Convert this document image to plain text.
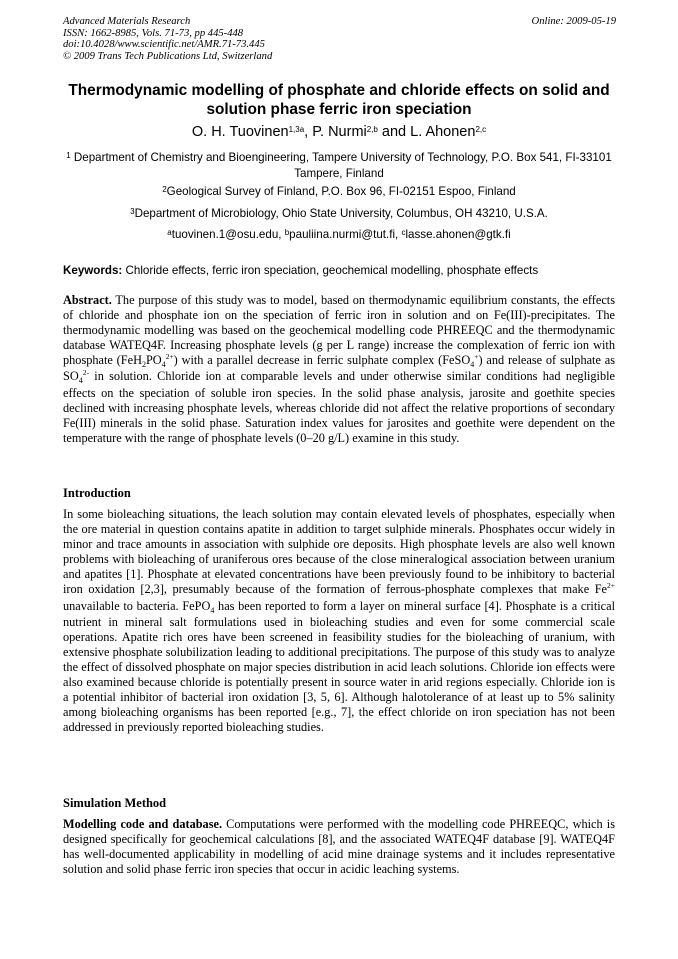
Advanced Materials Research
ISSN: 1662-8985, Vols. 71-73, pp 445-448
doi:10.4028/www.scientific.net/AMR.71-73.445
© 2009 Trans Tech Publications Ltd, Switzerland
Online: 2009-05-19
Thermodynamic modelling of phosphate and chloride effects on solid and solution phase ferric iron speciation
O. H. Tuovinen$^{1,3a}$, P. Nurmi$^{2,b}$ and L. Ahonen$^{2,c}$
$^1$ Department of Chemistry and Bioengineering, Tampere University of Technology, P.O. Box 541, FI-33101 Tampere, Finland
$^2$Geological Survey of Finland, P.O. Box 96, FI-02151 Espoo, Finland
$^3$Department of Microbiology, Ohio State University, Columbus, OH 43210, U.S.A.
$^a$tuovinen.1@osu.edu, $^b$pauliina.nurmi@tut.fi, $^c$lasse.ahonen@gtk.fi
Keywords: Chloride effects, ferric iron speciation, geochemical modelling, phosphate effects

Abstract. The purpose of this study was to model, based on thermodynamic equilibrium constants, the effects of chloride and phosphate ion on the speciation of ferric iron in solution and on Fe(III)-precipitates. The thermodynamic modelling was based on the geochemical modelling code PHREEQC and the thermodynamic database WATEQ4F. Increasing phosphate levels (g per L range) increase the complexation of ferric ion with phosphate $(FeH_2PO_4^{2+})$ with a parallel decrease in ferric sulphate complex (FeSO$_4$+) and release of sulphate as $SO_4^{2-}$ in solution. Chloride ion at comparable levels and under otherwise similar conditions had negligible effects on the speciation of soluble iron species. In the solid phase analysis, jarosite and goethite species declined with increasing phosphate levels, whereas chloride did not affect the relative proportions of secondary Fe(III) minerals in the solid phase. Saturation index values for jarosites and goethite were dependent on the temperature with the range of phosphate levels (0–20 g/L) examine in this study.

Introduction

In some bioleaching situations, the leach solution may contain elevated levels of phosphates, especially when the ore material in question contains apatite in addition to target sulphide minerals. Phosphates occur widely in minor and trace amounts in association with sulphide ore deposits. High phosphate levels are also well known problems with bioleaching of uraniferous ores because of the close mineralogical association between uranium and apatites [1]. Phosphate at elevated concentrations have been previously found to be inhibitory to bacterial iron oxidation [2,3], presumably because of the formation of ferrous-phosphate complexes that make $Fe^{2+}$ unavailable to bacteria. FePO$_4$ has been reported to form a layer on mineral surface [4]. Phosphate is a critical nutrient in mineral salt formulations used in bioleaching studies and even for some commercial scale operations. Apatite rich ores have been screened in feasibility studies for the bioleaching of uranium, with extensive phosphate solubilization leading to additional precipitations. The purpose of this study was to analyze the effect of dissolved phosphate on major species distribution in acid leach solutions. Chloride ion effects were also examined because chloride is potentially present in source water in arid regions especially. Chloride ion is a potential inhibitor of bacterial iron oxidation [3, 5, 6]. Although halotolerance of at least up to 5% salinity among bioleaching organisms has been reported [e.g., 7], the effect chloride on iron speciation has not been addressed in previously reported bioleaching studies.

Simulation Method

Modelling code and database. Computations were performed with the modelling code PHREEQC, which is designed specifically for geochemical calculations [8], and the associated WATEQ4F database [9]. WATEQ4F has well-documented applicability in modelling of acid mine drainage systems and it includes representative solution and solid phase ferric iron species that occur in acidic leaching systems.
